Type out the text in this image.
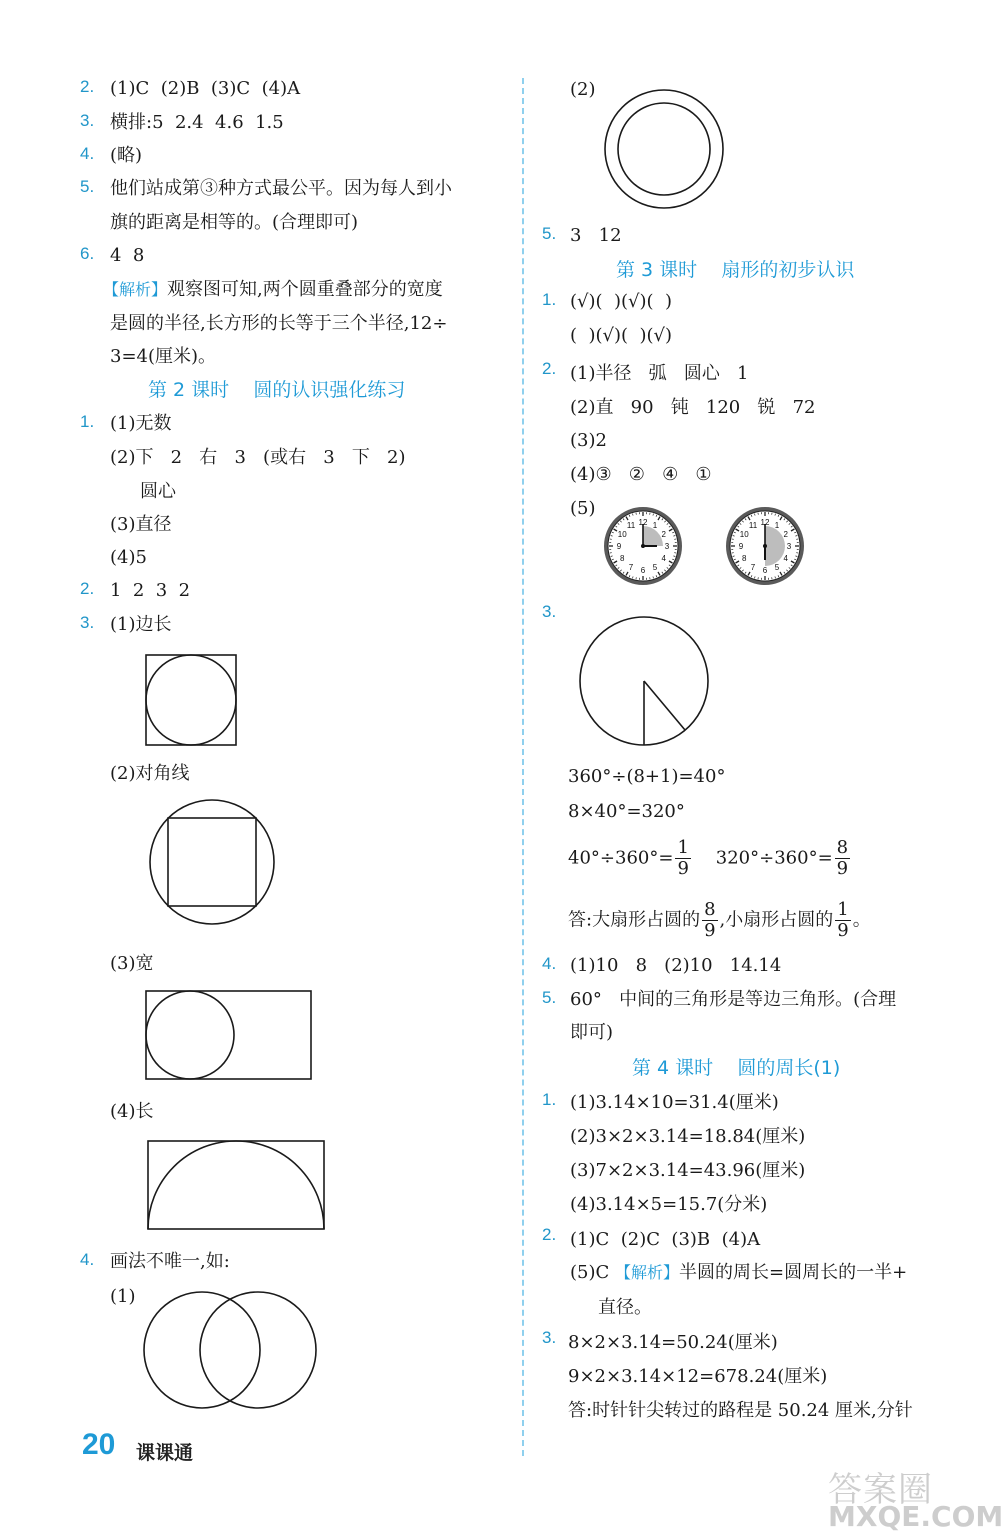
2. (1)C  (2)B  (3)C  (4)A
3. 横排:5  2.4  4.6  1.5
4. (略)
5. 他们站成第③种方式最公平。因为每人到小
旗的距离是相等的。(合理即可)
6. 4  8
【解析】观察图可知,两个圆重叠部分的宽度
是圆的半径,长方形的长等于三个半径,12÷
3=4(厘米)。
第 2 课时    圆的认识强化练习
1. (1)无数
(2)下   2   右   3   (或右   3   下   2)
圆心
(3)直径
(4)5
2. 1  2  3  2
3. (1)边长
(2)对角线
(3)宽
(4)长
4. 画法不唯一,如:
(1)
(2)
5. 3   12
第 3 课时    扇形的初步认识
1. (√)(  )(√)(  )
(  )(√)(  )(√)
2. (1)半径   弧   圆心   1
(2)直   90   钝   120   锐   72
(3)2
(4)③   ②   ④   ①
(5)
12 1
2
3
4
5
6
7
8
9
10
11	12 1
2
3
4
5
6
7
8
9
10
11
3.
360°÷(8+1)=40°
8×40°=320°
$40^\circ\div 360^\circ= \frac{1}{9} 320^\circ\div 360^\circ= \frac{8}{9}$
答:大扇形占圆的 $\frac{8}{9}$ ,小扇形占圆的 $\frac{1}{9}$ 。
4. (1)10   8   (2)10   14.14
5. 60°   中间的三角形是等边三角形。(合理
即可)
第 4 课时    圆的周长(1)
1. (1)3.14×10=31.4(厘米)
(2)3×2×3.14=18.84(厘米)
(3)7×2×3.14=43.96(厘米)
(4)3.14×5=15.7(分米)
2. (1)C  (2)C  (3)B  (4)A
(5)C 【解析】半圆的周长=圆周长的一半+
直径。
3. 8×2×3.14=50.24(厘米)
9×2×3.14×12=678.24(厘米)
答:时针针尖转过的路程是 50.24 厘米,分针
20 课课通
答案圈
MXQE.COM
